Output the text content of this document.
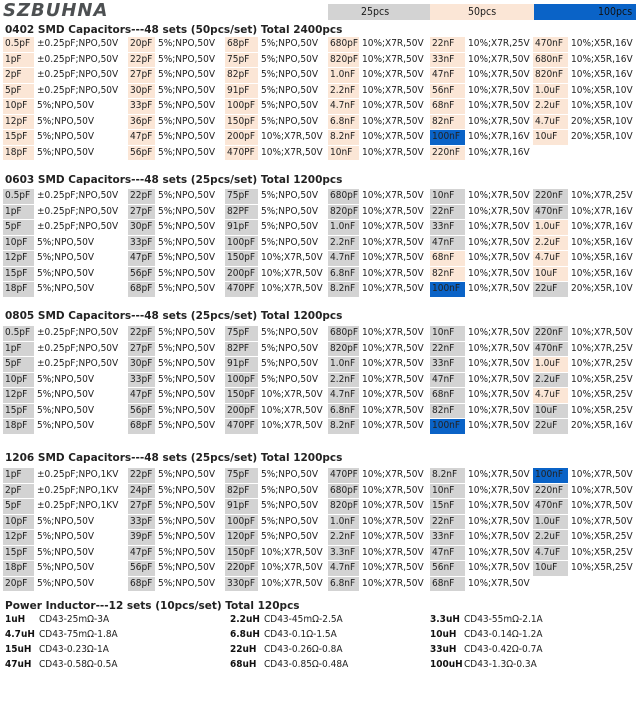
SZBUHNA	25pcs	50pcs	100pcs
0402 SMD Capacitors---48 sets (50pcs/set) Total 2400pcs
0.5pF ±0.25pF;NPO,50V	20pF 5%;NPO,50V	68pF	5%;NPO,50V	680pF 10%;X7R,50V 22nF	10%;X7R,25V 470nF 10%;X5R,16V
1pF	±0.25pF;NPO,50V	22pF 5%;NPO,50V	75pF	5%;NPO,50V	820pF 10%;X7R,50V 33nF	10%;X7R,50V 680nF 10%;X5R,16V
2pF	±0.25pF;NPO,50V	27pF 5%;NPO,50V	82pF	5%;NPO,50V	1.0nF 10%;X7R,50V 47nF	10%;X7R,50V 820nF 10%;X5R,16V
5pF	±0.25pF;NPO,50V	30pF 5%;NPO,50V	91pF	5%;NPO,50V	2.2nF 10%;X7R,50V 56nF	10%;X7R,50V 1.0uF	10%;X5R,10V
10pF 5%;NPO,50V	33pF 5%;NPO,50V	100pF 5%;NPO,50V	4.7nF 10%;X7R,50V 68nF	10%;X7R,50V 2.2uF	10%;X5R,10V
12pF 5%;NPO,50V	36pF 5%;NPO,50V	150pF 5%;NPO,50V	6.8nF 10%;X7R,50V 82nF	10%;X7R,50V 4.7uF	20%;X5R,10V
15pF 5%;NPO,50V	47pF 5%;NPO,50V	200pF 10%;X7R,50V 8.2nF 10%;X7R,50V 100nF 10%;X7R,16V 10uF	20%;X5R,10V
18pF 5%;NPO,50V	56pF 5%;NPO,50V	470PF 10%;X7R,50V 10nF 10%;X7R,50V 220nF 10%;X7R,16V
0603 SMD Capacitors---48 sets (25pcs/set) Total 1200pcs
0.5pF ±0.25pF;NPO,50V	22pF 5%;NPO,50V	75pF	5%;NPO,50V	680pF 10%;X7R,50V 10nF	10%;X7R,50V 220nF 10%;X7R,25V
1pF	±0.25pF;NPO,50V	27pF 5%;NPO,50V	82PF	5%;NPO,50V	820pF 10%;X7R,50V 22nF	10%;X7R,50V 470nF 10%;X7R,16V
5pF	±0.25pF;NPO,50V	30pF 5%;NPO,50V	91pF	5%;NPO,50V	1.0nF 10%;X7R,50V 33nF	10%;X7R,50V 1.0uF	10%;X7R,16V
10pF 5%;NPO,50V	33pF 5%;NPO,50V	100pF 5%;NPO,50V	2.2nF 10%;X7R,50V 47nF	10%;X7R,50V 2.2uF	10%;X5R,16V
12pF 5%;NPO,50V	47pF 5%;NPO,50V	150pF 10%;X7R,50V 4.7nF 10%;X7R,50V 68nF	10%;X7R,50V 4.7uF	10%;X5R,16V
15pF 5%;NPO,50V	56pF 5%;NPO,50V	200pF 10%;X7R,50V 6.8nF 10%;X7R,50V 82nF	10%;X7R,50V 10uF	10%;X5R,16V
18pF 5%;NPO,50V	68pF 5%;NPO,50V	470PF 10%;X7R,50V 8.2nF 10%;X7R,50V 100nF 10%;X7R,50V 22uF	20%;X5R,10V
0805 SMD Capacitors---48 sets (25pcs/set) Total 1200pcs
0.5pF ±0.25pF;NPO,50V	22pF 5%;NPO,50V	75pF	5%;NPO,50V	680pF 10%;X7R,50V 10nF	10%;X7R,50V 220nF 10%;X7R,50V
1pF	±0.25pF;NPO,50V	27pF 5%;NPO,50V	82PF	5%;NPO,50V	820pF 10%;X7R,50V 22nF	10%;X7R,50V 470nF 10%;X7R,25V
5pF	±0.25pF;NPO,50V	30pF 5%;NPO,50V	91pF	5%;NPO,50V	1.0nF 10%;X7R,50V 33nF	10%;X7R,50V 1.0uF	10%;X7R,25V
10pF 5%;NPO,50V	33pF 5%;NPO,50V	100pF 5%;NPO,50V	2.2nF 10%;X7R,50V 47nF	10%;X7R,50V 2.2uF	10%;X5R,25V
12pF 5%;NPO,50V	47pF 5%;NPO,50V	150pF 10%;X7R,50V 4.7nF 10%;X7R,50V 68nF	10%;X7R,50V 4.7uF	10%;X5R,25V
15pF 5%;NPO,50V	56pF 5%;NPO,50V	200pF 10%;X7R,50V 6.8nF 10%;X7R,50V 82nF	10%;X7R,50V 10uF	10%;X5R,25V
18pF 5%;NPO,50V	68pF 5%;NPO,50V	470PF 10%;X7R,50V 8.2nF 10%;X7R,50V 100nF 10%;X7R,50V 22uF	20%;X5R,16V
1206 SMD Capacitors---48 sets (25pcs/set) Total 1200pcs
1pF	±0.25pF;NPO,1KV	22pF 5%;NPO,50V	75pF	5%;NPO,50V	470PF 10%;X7R,50V 8.2nF	10%;X7R,50V 100nF 10%;X7R,50V
2pF	±0.25pF;NPO,1KV	24pF 5%;NPO,50V	82pF	5%;NPO,50V	680pF 10%;X7R,50V 10nF	10%;X7R,50V 220nF 10%;X7R,50V
5pF	±0.25pF;NPO,1KV	27pF 5%;NPO,50V	91pF	5%;NPO,50V	820pF 10%;X7R,50V 15nF	10%;X7R,50V 470nF 10%;X7R,50V
10pF 5%;NPO,50V	33pF 5%;NPO,50V	100pF 5%;NPO,50V	1.0nF 10%;X7R,50V 22nF	10%;X7R,50V 1.0uF	10%;X7R,50V
12pF 5%;NPO,50V	39pF 5%;NPO,50V	120pF 5%;NPO,50V	2.2nF 10%;X7R,50V 33nF	10%;X7R,50V 2.2uF	10%;X5R,25V
15pF 5%;NPO,50V	47pF 5%;NPO,50V	150pF 10%;X7R,50V 3.3nF 10%;X7R,50V 47nF	10%;X7R,50V 4.7uF	10%;X5R,25V
18pF 5%;NPO,50V	56pF 5%;NPO,50V	220pF 10%;X7R,50V 4.7nF 10%;X7R,50V 56nF	10%;X7R,50V 10uF	10%;X5R,25V
20pF 5%;NPO,50V	68pF 5%;NPO,50V	330pF 10%;X7R,50V 6.8nF 10%;X7R,50V 68nF	10%;X7R,50V
Power Inductor---12 sets (10pcs/set) Total 120pcs
1uH CD43-25mΩ-3A	2.2uH CD43-45mΩ-2.5A	3.3uH CD43-55mΩ-2.1A
4.7uH CD43-75mΩ-1.8A	6.8uH CD43-0.1Ω-1.5A	10uH CD43-0.14Ω-1.2A
15uH CD43-0.23Ω-1A	22uH CD43-0.26Ω-0.8A	33uH CD43-0.42Ω-0.7A
47uH CD43-0.58Ω-0.5A	68uH CD43-0.85Ω-0.48A	100uH CD43-1.3Ω-0.3A
